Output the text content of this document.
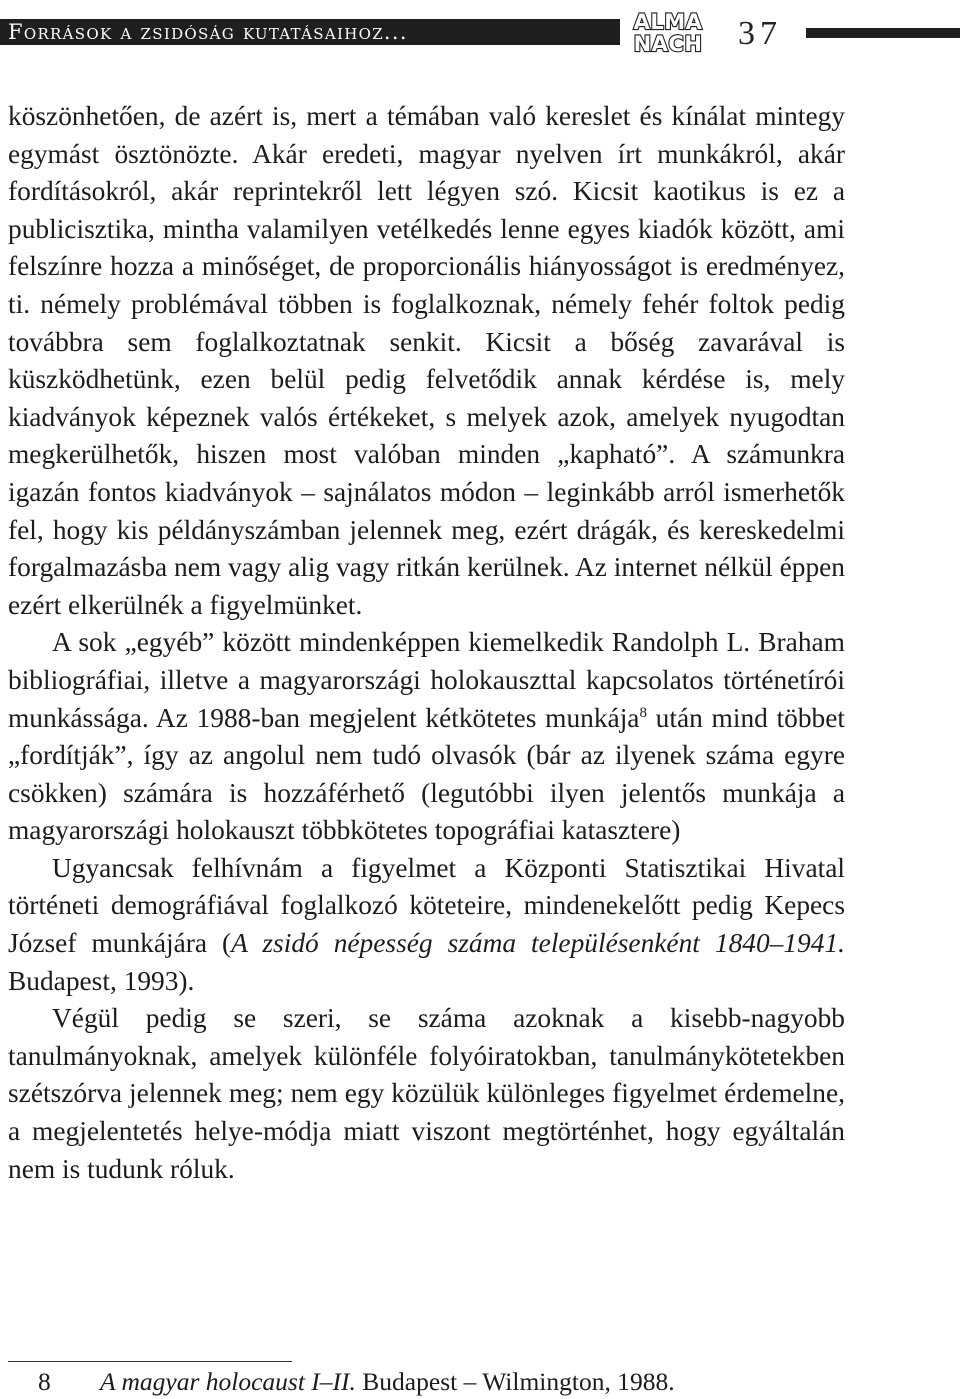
Források a zsidóság kutatásaihoz...	ALMA
NACH 37

köszönhetően, de azért is, mert a témában való kereslet és kínálat mintegy egymást ösztönözte. Akár eredeti, magyar nyelven írt munkákról, akár fordításokról, akár reprintekről lett légyen szó. Kicsit kaotikus is ez a publicisztika, mintha valamilyen vetélkedés lenne egyes kiadók között, ami felszínre hozza a minőséget, de proporcionális hiányosságot is eredményez, ti. némely problémával többen is foglalkoznak, némely fehér foltok pedig továbbra sem foglalkoztatnak senkit. Kicsit a bőség zavarával is küszködhetünk, ezen belül pedig felvetődik annak kérdése is, mely kiadványok képeznek valós értékeket, s melyek azok, amelyek nyugodtan megkerülhetők, hiszen most valóban minden „kapható”. A számunkra igazán fontos kiadványok – sajnálatos módon – leginkább arról ismerhetők fel, hogy kis példányszámban jelennek meg, ezért drágák, és kereskedelmi forgalmazásba nem vagy alig vagy ritkán kerülnek. Az internet nélkül éppen ezért elkerülnék a figyelmünket.

A sok „egyéb” között mindenképpen kiemelkedik Randolph L. Braham bibliográfiai, illetve a magyarországi holokauszttal kapcsolatos történetírói munkássága. Az 1988-ban megjelent kétkötetes munkája$^8$ után mind többet „fordítják”, így az angolul nem tudó olvasók (bár az ilyenek száma egyre csökken) számára is hozzáférhető (legutóbbi ilyen jelentős munkája a magyarországi holokauszt többkötetes topográfiai katasztere)

Ugyancsak felhívnám a figyelmet a Központi Statisztikai Hivatal történeti demográfiával foglalkozó köteteire, mindenekelőtt pedig Kepecs József munkájára (A zsidó népesség száma településenként 1840–1941. Budapest, 1993).

Végül pedig se szeri, se száma azoknak a kisebb-nagyobb tanulmányoknak, amelyek különféle folyóiratokban, tanulmánykötetekben szétszórva jelennek meg; nem egy közülük különleges figyelmet érdemelne, a megjelentetés helye-módja miatt viszont megtörténhet, hogy egyáltalán nem is tudunk róluk.

8 A magyar holocaust I–II. Budapest – Wilmington, 1988.
